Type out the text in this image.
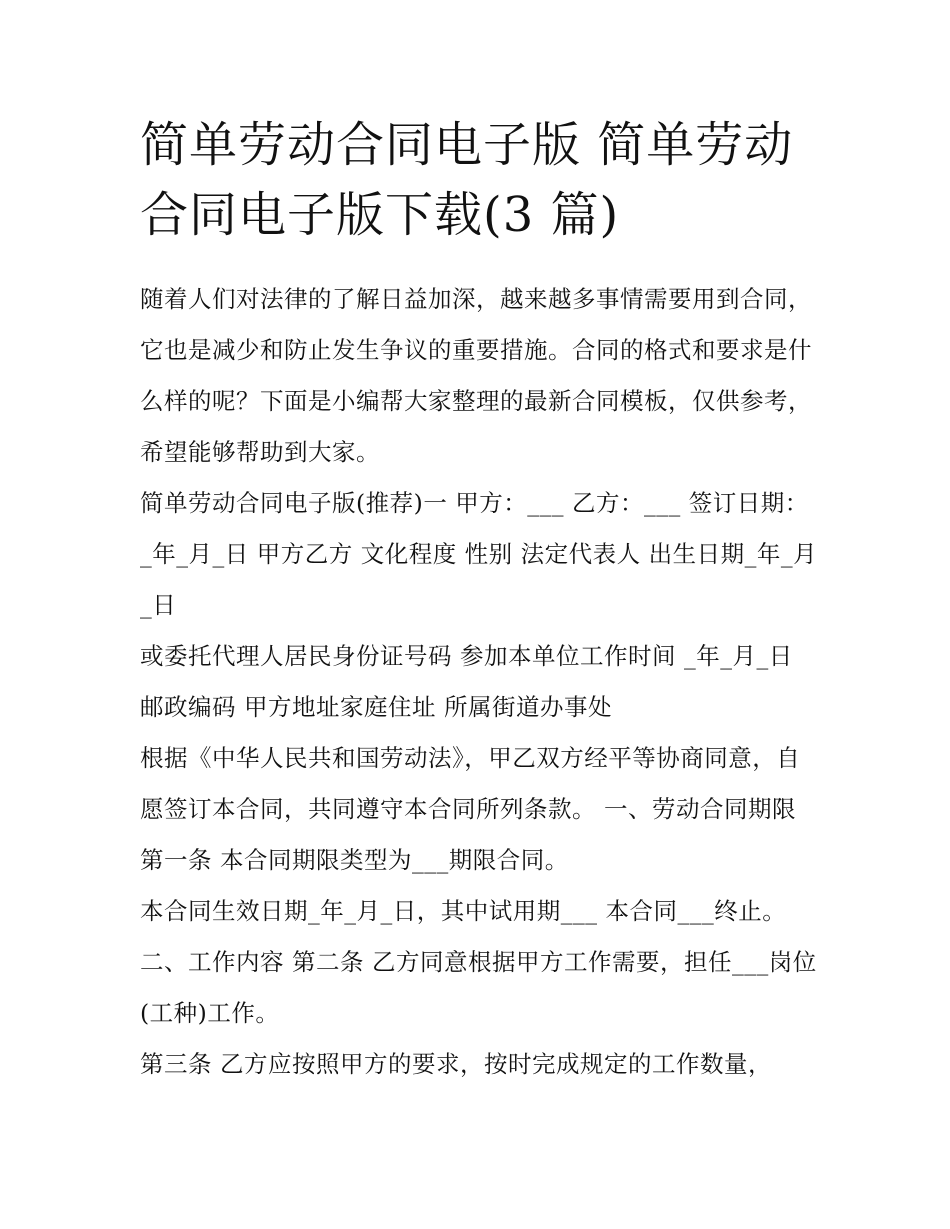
简单劳动合同电子版 简单劳动合同电子版下载(3 篇)

随着人们对法律的了解日益加深，越来越多事情需要用到合同，它也是减少和防止发生争议的重要措施。合同的格式和要求是什么样的呢？下面是小编帮大家整理的最新合同模板，仅供参考，希望能够帮助到大家。

简单劳动合同电子版(推荐)一 甲方：___ 乙方：___ 签订日期：_年_月_日 甲方乙方 文化程度 性别 法定代表人 出生日期_年_月_日

或委托代理人居民身份证号码 参加本单位工作时间 _年_月_日 邮政编码 甲方地址家庭住址 所属街道办事处

根据《中华人民共和国劳动法》，甲乙双方经平等协商同意，自愿签订本合同，共同遵守本合同所列条款。 一、劳动合同期限 第一条 本合同期限类型为___期限合同。

本合同生效日期_年_月_日，其中试用期___ 本合同___终止。 二、工作内容 第二条 乙方同意根据甲方工作需要，担任___岗位(工种)工作。

第三条 乙方应按照甲方的要求，按时完成规定的工作数量，
